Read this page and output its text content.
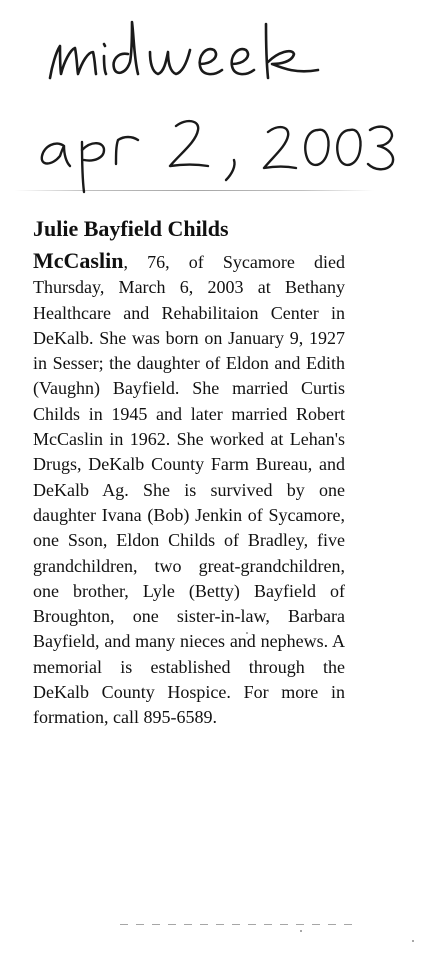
Julie Bayfield Childs

McCaslin, 76, of Sycamore died Thursday, March 6, 2003 at Bethany Healthcare and Rehabilitaion Center in DeKalb. She was born on January 9, 1927 in Sesser; the daughter of Eldon and Edith (Vaughn) Bayfield. She married Curtis Childs in 1945 and later married Robert McCaslin in 1962. She worked at Lehan's Drugs, DeKalb County Farm Bureau, and DeKalb Ag. She is survived by one daughter Ivana (Bob) Jenkin of Sycamore, one Sson, Eldon Childs of Bradley, five grandchildren, two great-grandchildren, one brother, Lyle (Betty) Bayfield of Broughton, one sister-in-law, Barbara Bayfield, and many nieces and nephews. A memorial is established through the DeKalb County Hospice. For more in formation, call 895-6589.
